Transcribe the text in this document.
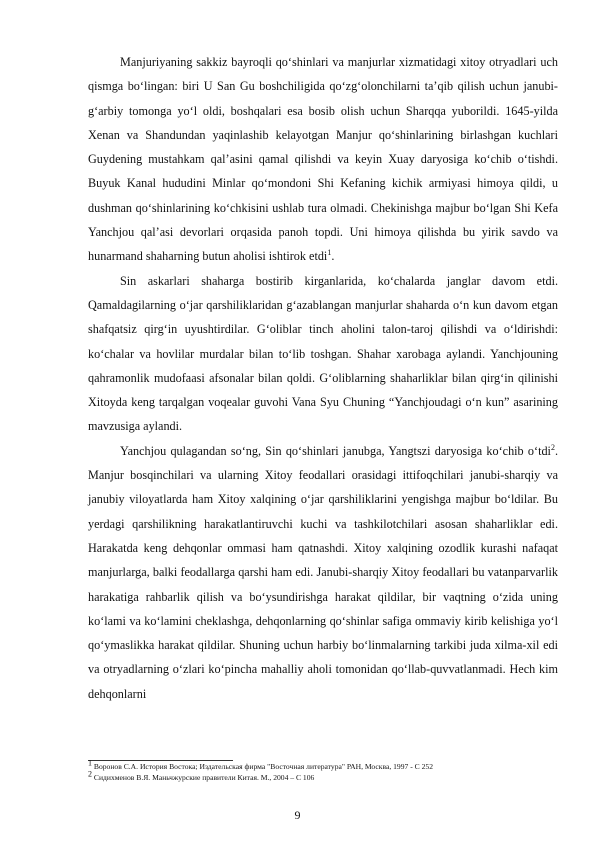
Manjuriyaning sakkiz bayroqli qo‘shinlari va manjurlar xizmatidagi xitoy otryadlari uch qismga bo‘lingan: biri U San Gu boshchiligida qo‘zg‘olonchilarni ta’qib qilish uchun janubi-g‘arbiy tomonga yo‘l oldi, boshqalari esa bosib olish uchun Sharqqa yuborildi. 1645-yilda Xenan va Shandundan yaqinlashib kelayotgan Manjur qo‘shinlarining birlashgan kuchlari Guydening mustahkam qal’asini qamal qilishdi va keyin Xuay daryosiga ko‘chib o‘tishdi. Buyuk Kanal hududini Minlar qo‘mondoni Shi Kefaning kichik armiyasi himoya qildi, u dushman qo‘shinlarining ko‘chkisini ushlab tura olmadi. Chekinishga majbur bo‘lgan Shi Kefa Yanchjou qal’asi devorlari orqasida panoh topdi. Uni himoya qilishda bu yirik savdo va hunarmand shaharning butun aholisi ishtirok etdi$^1$.

Sin askarlari shaharga bostirib kirganlarida, ko‘chalarda janglar davom etdi. Qamaldagilarning o‘jar qarshiliklaridan g‘azablangan manjurlar shaharda o‘n kun davom etgan shafqatsiz qirg‘in uyushtirdilar. G‘oliblar tinch aholini talon-taroj qilishdi va o‘ldirishdi: ko‘chalar va hovlilar murdalar bilan to‘lib toshgan. Shahar xarobaga aylandi. Yanchjouning qahramonlik mudofaasi afsonalar bilan qoldi. G‘oliblarning shaharliklar bilan qirg‘in qilinishi Xitoyda keng tarqalgan voqealar guvohi Vana Syu Chuning “Yanchjoudagi o‘n kun” asarining mavzusiga aylandi.

Yanchjou qulagandan so‘ng, Sin qo‘shinlari janubga, Yangtszi daryosiga ko‘chib o‘tdi$^2$. Manjur bosqinchilari va ularning Xitoy feodallari orasidagi ittifoqchilari janubi-sharqiy va janubiy viloyatlarda ham Xitoy xalqining o‘jar qarshiliklarini yengishga majbur bo‘ldilar. Bu yerdagi qarshilikning harakatlantiruvchi kuchi va tashkilotchilari asosan shaharliklar edi. Harakatda keng dehqonlar ommasi ham qatnashdi. Xitoy xalqining ozodlik kurashi nafaqat manjurlarga, balki feodallarga qarshi ham edi. Janubi-sharqiy Xitoy feodallari bu vatanparvarlik harakatiga rahbarlik qilish va bo‘ysundirishga harakat qildilar, bir vaqtning o‘zida uning ko‘lami va ko‘lamini cheklashga, dehqonlarning qo‘shinlar safiga ommaviy kirib kelishiga yo‘l qo‘ymaslikka harakat qildilar. Shuning uchun harbiy bo‘linmalarning tarkibi juda xilma-xil edi va otryadlarning o‘zlari ko‘pincha mahalliy aholi tomonidan qo‘llab-quvvatlanmadi. Hech kim dehqonlarni

$^1$ Воронов С.А. История Востока; Издательская фирма "Восточная литература" РАН, Москва, 1997 - С 252

$^2$ Сидихменов В.Я. Маньчжурские правители Китая. М., 2004 – С 106

9
